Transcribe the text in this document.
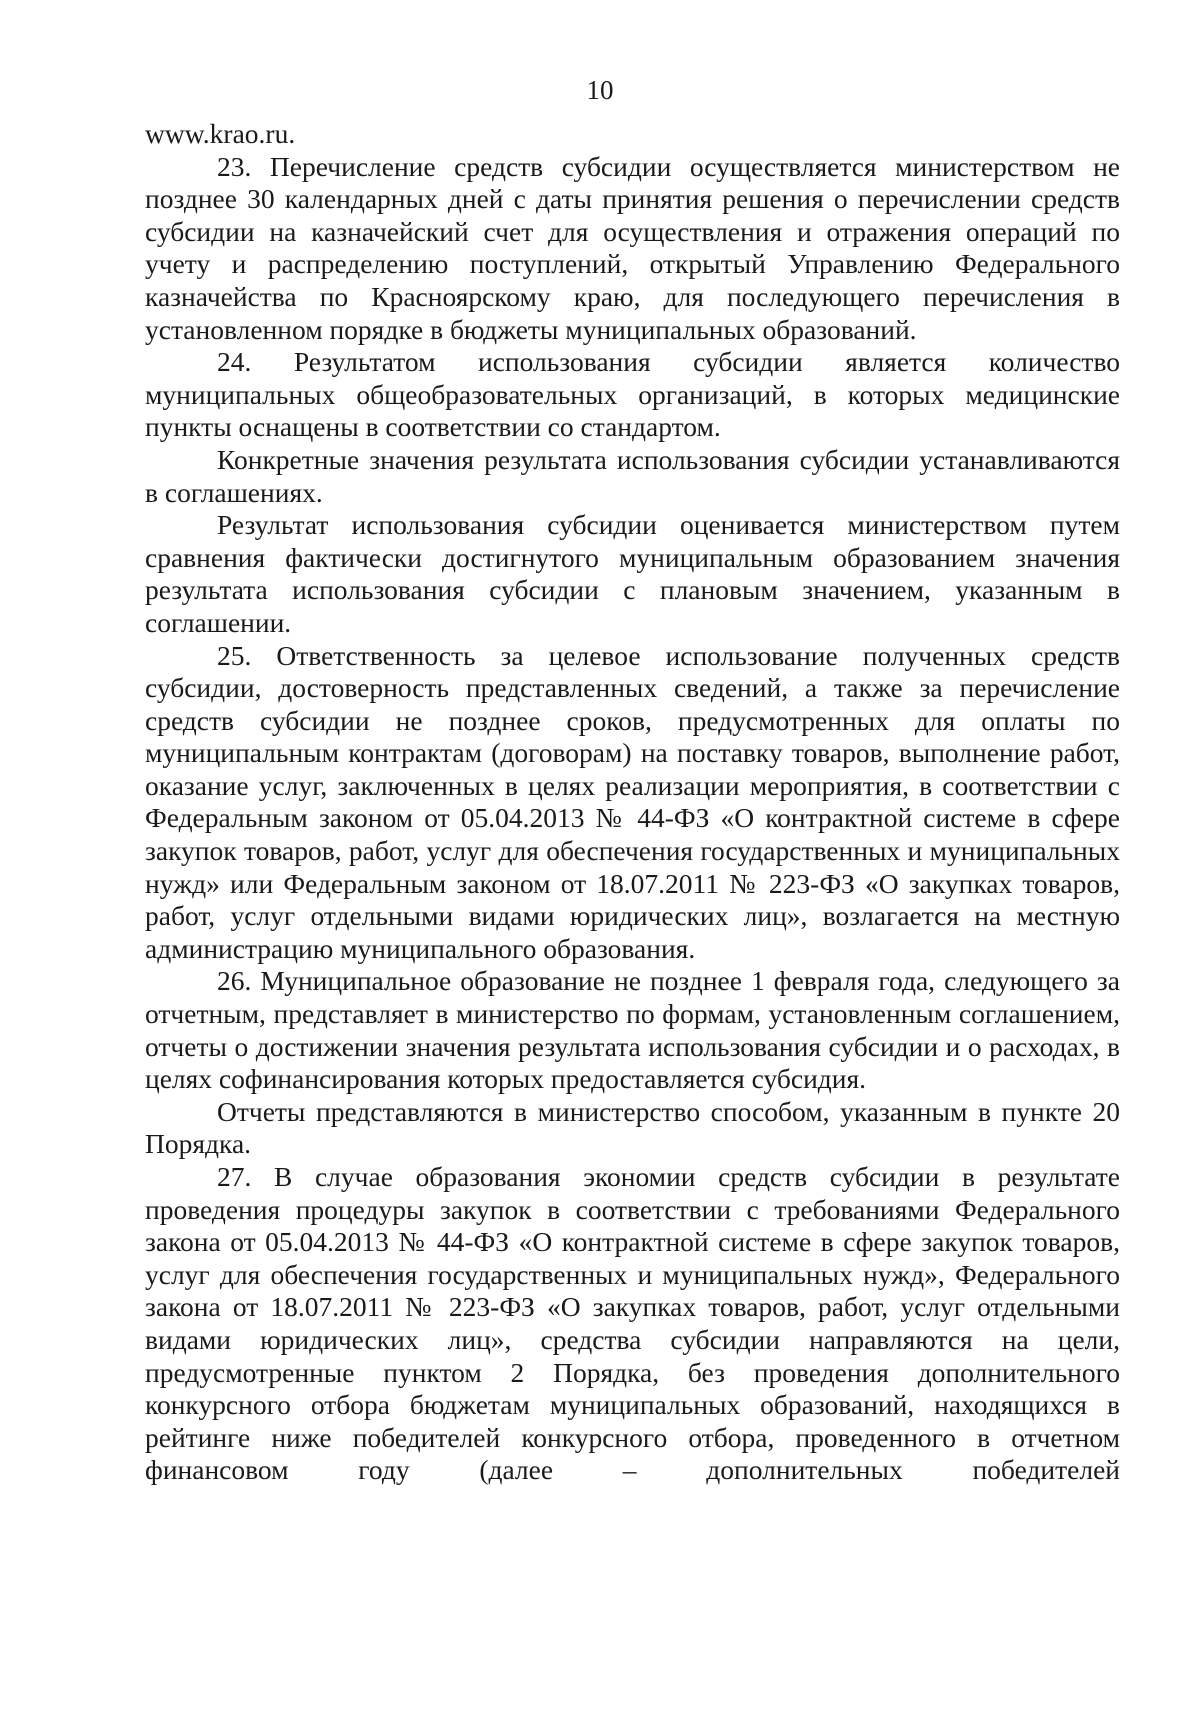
10

www.krao.ru.

23. Перечисление средств субсидии осуществляется министерством не позднее 30 календарных дней с даты принятия решения о перечислении средств субсидии на казначейский счет для осуществления и отражения операций по учету и распределению поступлений, открытый Управлению Федерального казначейства по Красноярскому краю, для последующего перечисления в установленном порядке в бюджеты муниципальных образований.

24. Результатом использования субсидии является количество муниципальных общеобразовательных организаций, в которых медицинские пункты оснащены в соответствии со стандартом.

Конкретные значения результата использования субсидии устанавливаются в соглашениях.

Результат использования субсидии оценивается министерством путем сравнения фактически достигнутого муниципальным образованием значения результата использования субсидии с плановым значением, указанным в соглашении.

25. Ответственность за целевое использование полученных средств субсидии, достоверность представленных сведений, а также за перечисление средств субсидии не позднее сроков, предусмотренных для оплаты по муниципальным контрактам (договорам) на поставку товаров, выполнение работ, оказание услуг, заключенных в целях реализации мероприятия, в соответствии с Федеральным законом от 05.04.2013 № 44-ФЗ «О контрактной системе в сфере закупок товаров, работ, услуг для обеспечения государственных и муниципальных нужд» или Федеральным законом от 18.07.2011 № 223-ФЗ «О закупках товаров, работ, услуг отдельными видами юридических лиц», возлагается на местную администрацию муниципального образования.

26. Муниципальное образование не позднее 1 февраля года, следующего за отчетным, представляет в министерство по формам, установленным соглашением, отчеты о достижении значения результата использования субсидии и о расходах, в целях софинансирования которых предоставляется субсидия.

Отчеты представляются в министерство способом, указанным в пункте 20 Порядка.

27. В случае образования экономии средств субсидии в результате проведения процедуры закупок в соответствии с требованиями Федерального закона от 05.04.2013 № 44-ФЗ «О контрактной системе в сфере закупок товаров, услуг для обеспечения государственных и муниципальных нужд», Федерального закона от 18.07.2011 № 223-ФЗ «О закупках товаров, работ, услуг отдельными видами юридических лиц», средства субсидии направляются на цели, предусмотренные пунктом 2 Порядка, без проведения дополнительного конкурсного отбора бюджетам муниципальных образований, находящихся в рейтинге ниже победителей конкурсного отбора, проведенного в отчетном финансовом году (далее – дополнительных победителей
